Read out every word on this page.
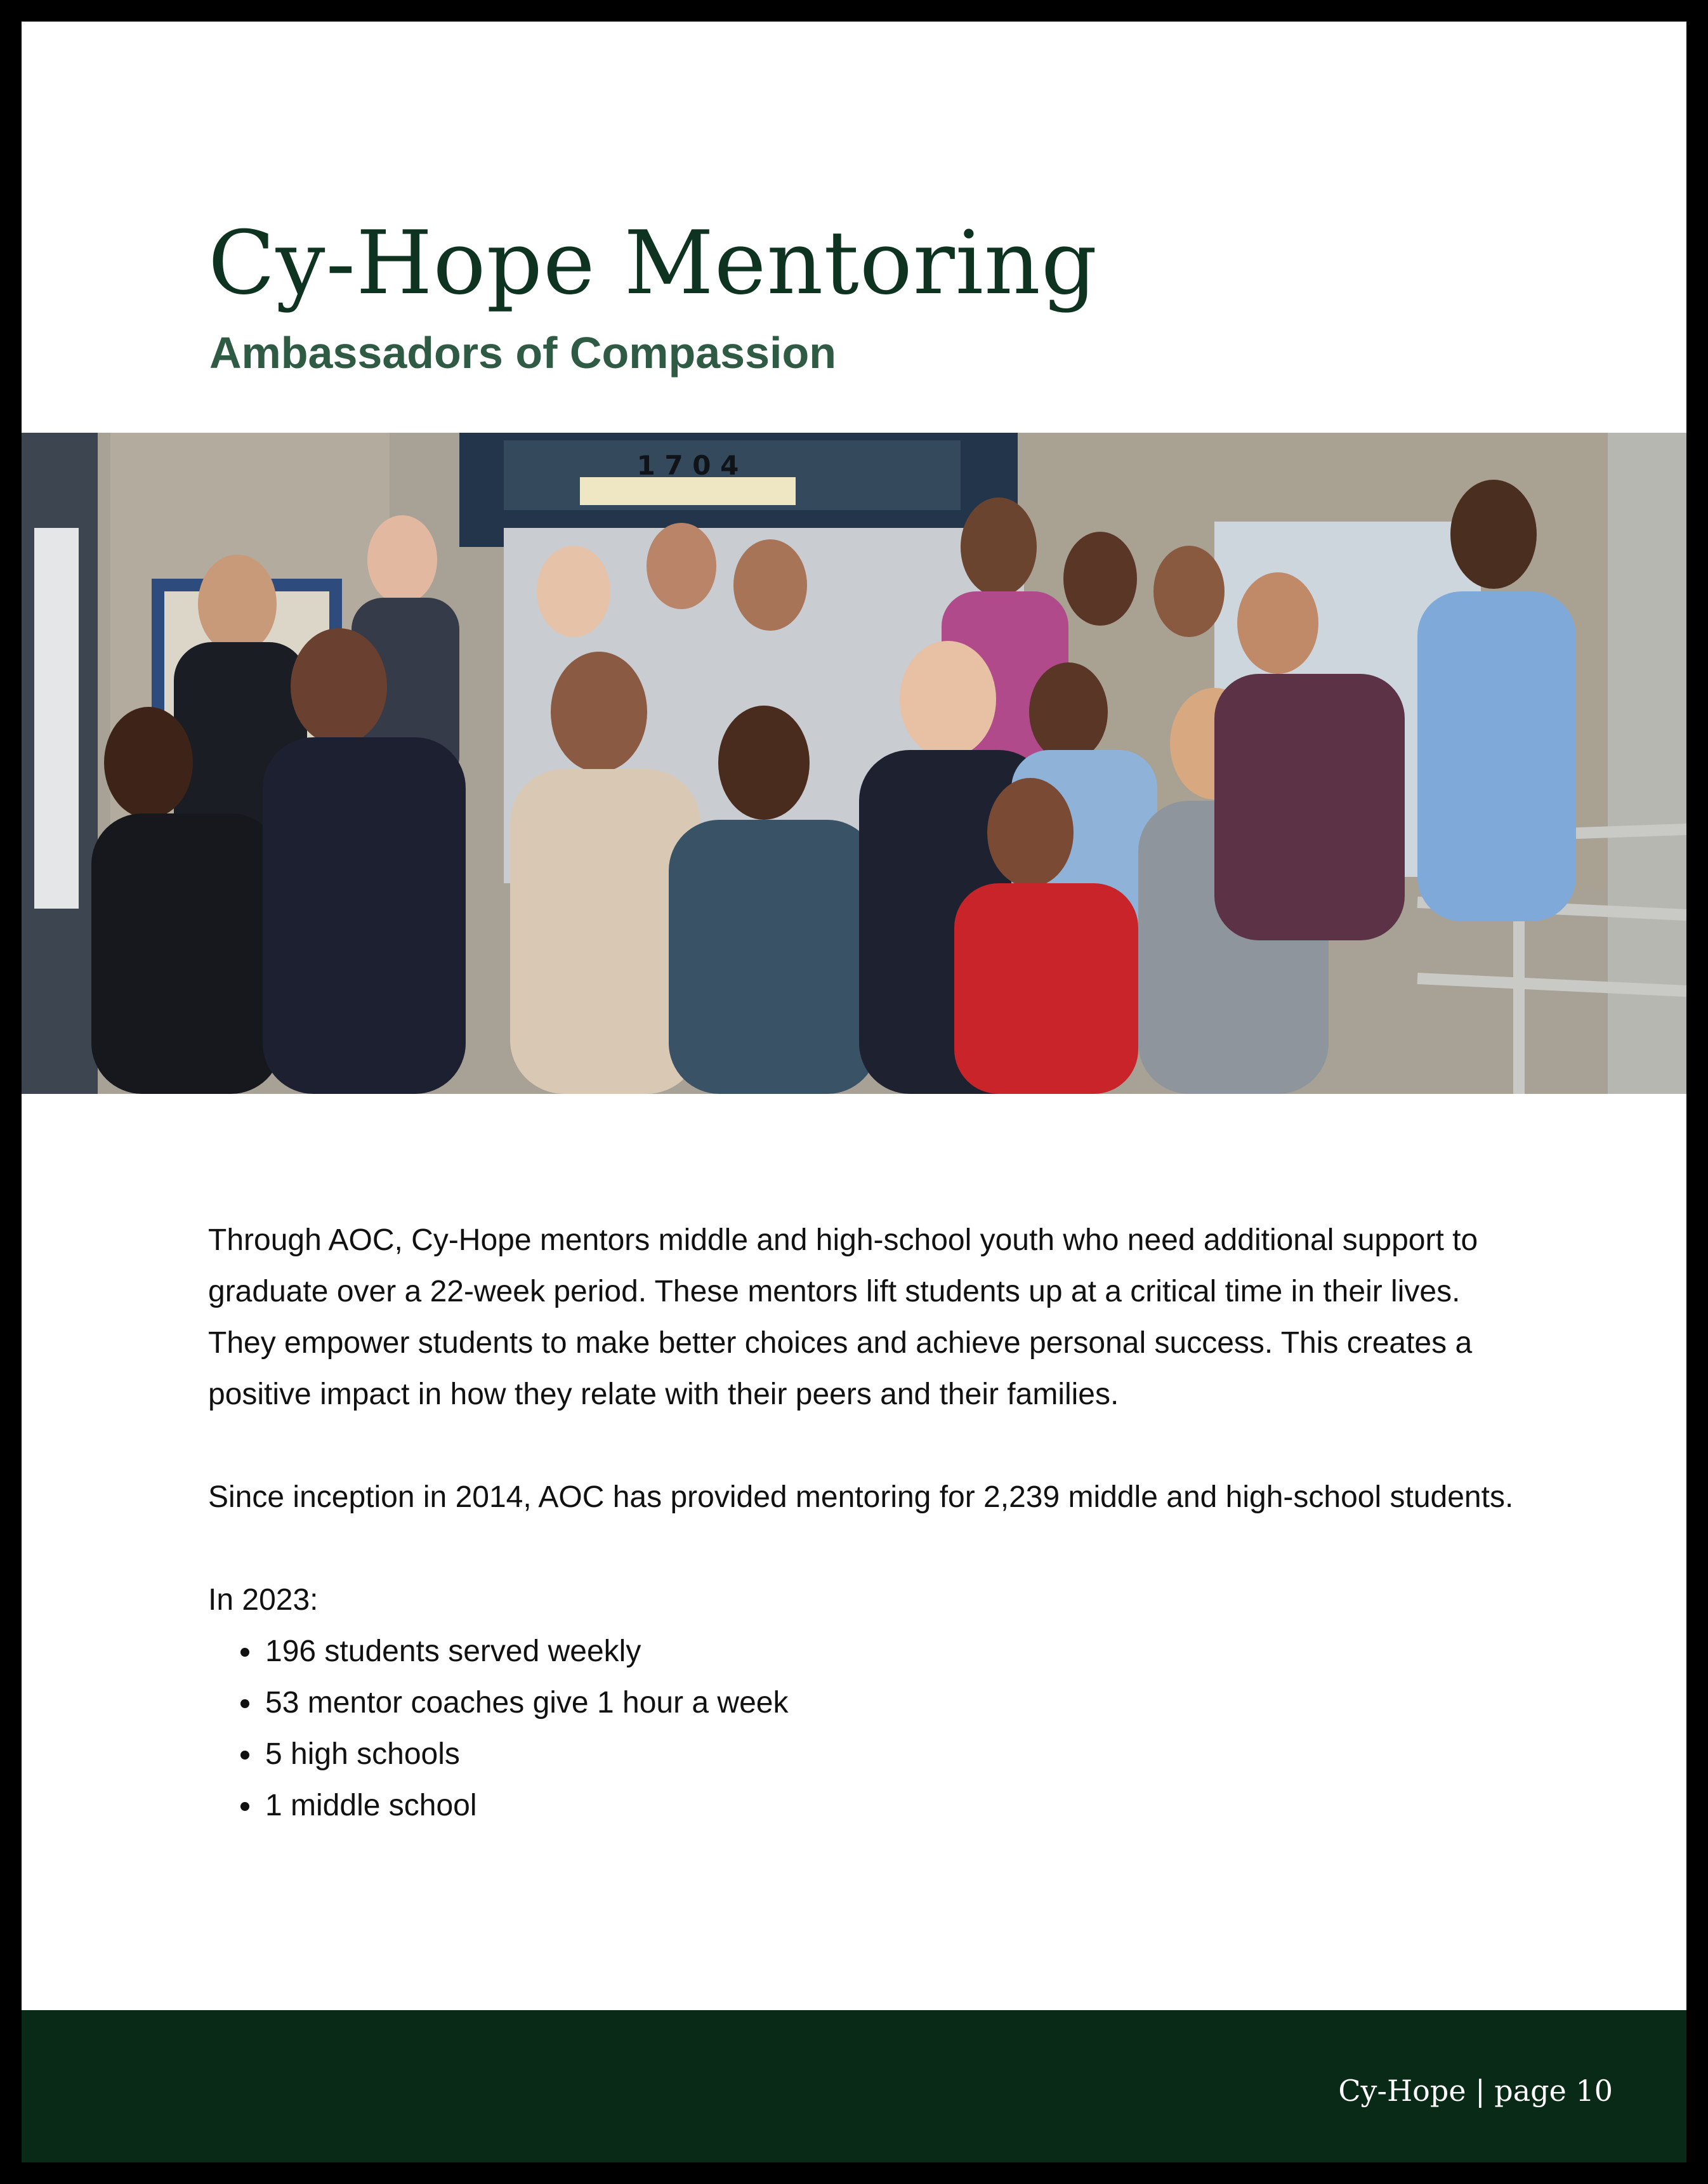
Cy-Hope Mentoring
Ambassadors of Compassion
1 7 0 4

Through AOC, Cy-Hope mentors middle and high-school youth who need additional support to graduate over a 22-week period. These mentors lift students up at a critical time in their lives. They empower students to make better choices and achieve personal success. This creates a positive impact in how they relate with their peers and their families.

Since inception in 2014, AOC has provided mentoring for 2,239 middle and high-school students.

In 2023:

• 196 students served weekly
• 53 mentor coaches give 1 hour a week
• 5 high schools
• 1 middle school
Cy-Hope | page 10
